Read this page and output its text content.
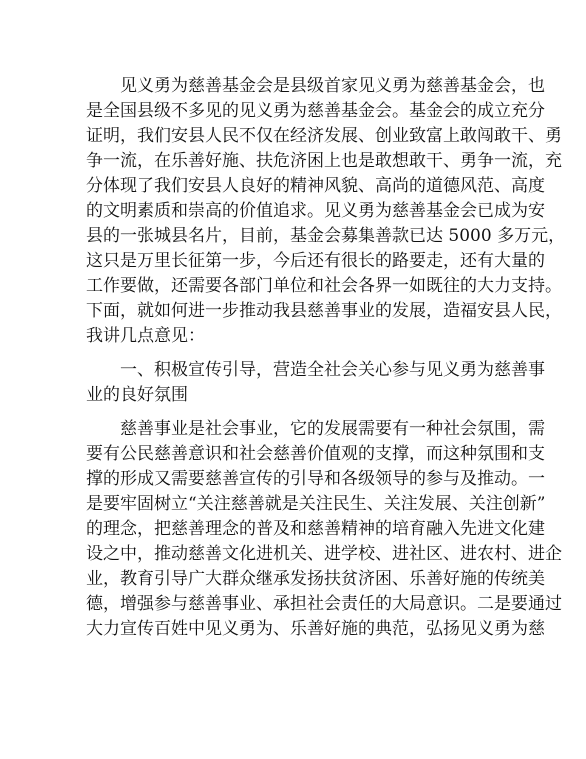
　　见义勇为慈善基金会是县级首家见义勇为慈善基金会，也
是全国县级不多见的见义勇为慈善基金会。基金会的成立充分
证明，我们安县人民不仅在经济发展、创业致富上敢闯敢干、勇
争一流，在乐善好施、扶危济困上也是敢想敢干、勇争一流，充
分体现了我们安县人良好的精神风貌、高尚的道德风范、高度
的文明素质和崇高的价值追求。见义勇为慈善基金会已成为安
县的一张城县名片，目前，基金会募集善款已达 5000 多万元，
这只是万里长征第一步，今后还有很长的路要走，还有大量的
工作要做，还需要各部门单位和社会各界一如既往的大力支持。
下面，就如何进一步推动我县慈善事业的发展，造福安县人民，
我讲几点意见：
　　一、积极宣传引导，营造全社会关心参与见义勇为慈善事
业的良好氛围
　　慈善事业是社会事业，它的发展需要有一种社会氛围，需
要有公民慈善意识和社会慈善价值观的支撑，而这种氛围和支
撑的形成又需要慈善宣传的引导和各级领导的参与及推动。一
是要牢固树立“关注慈善就是关注民生、关注发展、关注创新”
的理念，把慈善理念的普及和慈善精神的培育融入先进文化建
设之中，推动慈善文化进机关、进学校、进社区、进农村、进企
业，教育引导广大群众继承发扬扶贫济困、乐善好施的传统美
德，增强参与慈善事业、承担社会责任的大局意识。二是要通过
大力宣传百姓中见义勇为、乐善好施的典范，弘扬见义勇为慈
